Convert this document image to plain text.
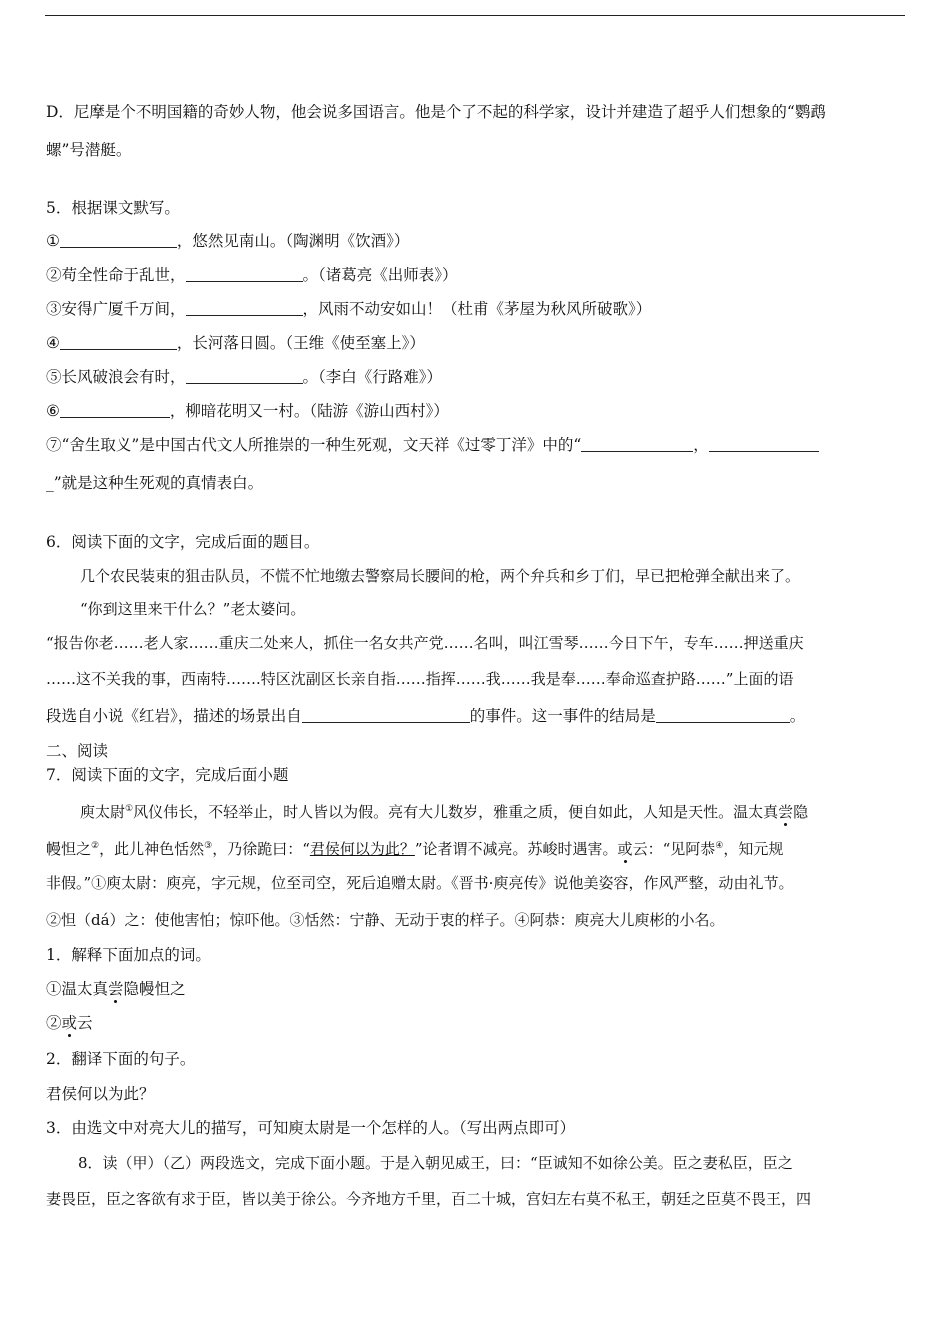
D．尼摩是个不明国籍的奇妙人物，他会说多国语言。他是个了不起的科学家，设计并建造了超乎人们想象的“鹦鹉
螺”号潜艇。
5．根据课文默写。
①	，悠然见南山。（陶渊明《饮酒》）
②苟全性命于乱世，	。（诸葛亮《出师表》）
③安得广厦千万间，	，风雨不动安如山！（杜甫《茅屋为秋风所破歌》）
④	，长河落日圆。（王维《使至塞上》）
⑤长风破浪会有时，	。（李白《行路难》）
⑥	，柳暗花明又一村。（陆游《游山西村》）
⑦“舍生取义”是中国古代文人所推崇的一种生死观，文天祥《过零丁洋》中的“	，
_”就是这种生死观的真情表白。
6．阅读下面的文字，完成后面的题目。
几个农民装束的狙击队员，不慌不忙地缴去警察局长腰间的枪，两个弁兵和乡丁们，早已把枪弹全献出来了。
“你到这里来干什么？”老太婆问。
“报告你老……老人家……重庆二处来人，抓住一名女共产党……名叫，叫江雪琴……今日下午，专车……押送重庆
……这不关我的事，西南特…….特区沈副区长亲自指……指挥……我……我是奉……奉命巡查护路……”上面的语
段选自小说《红岩》，描述的场景出自	的事件。这一事件的结局是	。
二、阅读
7．阅读下面的文字，完成后面小题
庾太尉①风仪伟长，不轻举止，时人皆以为假。亮有大儿数岁，雅重之质，便自如此，人知是天性。温太真尝隐
幔怛之②，此儿神色恬然③，乃徐跪曰：“君侯何以为此？”论者谓不减亮。苏峻时遇害。或云：“见阿恭④，知元规
非假。”①庾太尉：庾亮，字元规，位至司空，死后追赠太尉。《晋书·庾亮传》说他美姿容，作风严整，动由礼节。
②怛（dá）之：使他害怕；惊吓他。③恬然：宁静、无动于衷的样子。④阿恭：庾亮大儿庾彬的小名。
1．解释下面加点的词。
①温太真尝隐幔怛之
②或云
2．翻译下面的句子。
君侯何以为此？
3．由选文中对亮大儿的描写，可知庾太尉是一个怎样的人。（写出两点即可）
8．读（甲）（乙）两段选文，完成下面小题。于是入朝见威王，曰：“臣诚知不如徐公美。臣之妻私臣，臣之
妻畏臣，臣之客欲有求于臣，皆以美于徐公。今齐地方千里，百二十城，宫妇左右莫不私王，朝廷之臣莫不畏王，四
